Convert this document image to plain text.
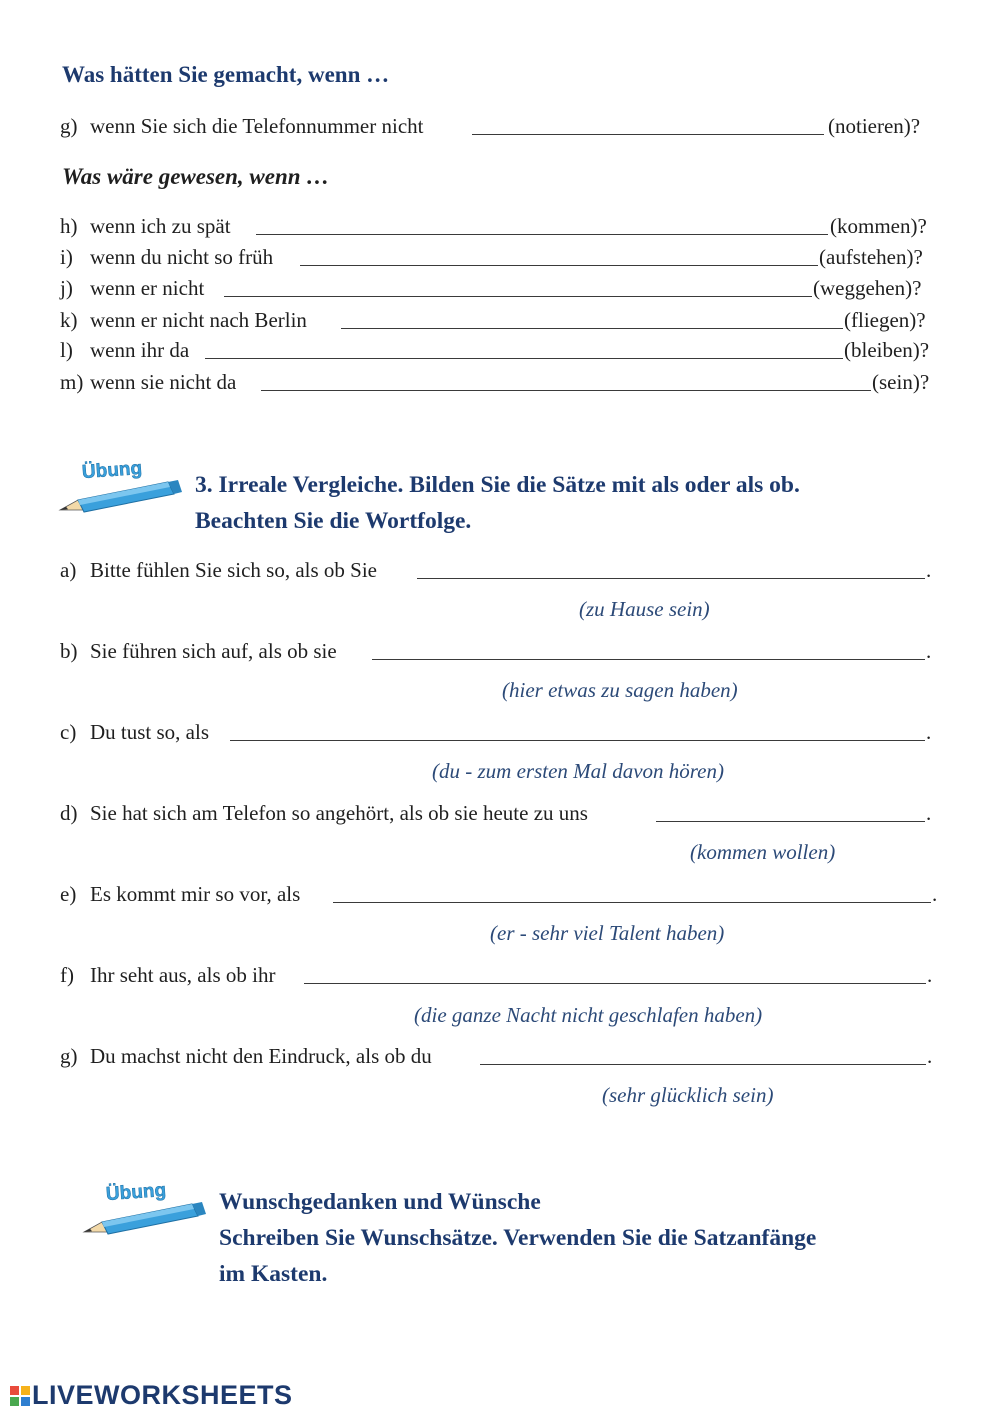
Was hätten Sie gemacht, wenn …
g) wenn Sie sich die Telefonnummer nicht	(notieren)?
Was wäre gewesen, wenn …
h) wenn ich zu spät	(kommen)?
i) wenn du nicht so früh	(aufstehen)?
j) wenn er nicht	(weggehen)?
k) wenn er nicht nach Berlin	(fliegen)?
l) wenn ihr da	(bleiben)?
m) wenn sie nicht da	(sein)?
Übung
3. Irreale Vergleiche. Bilden Sie die Sätze mit als oder als ob.
Beachten Sie die Wortfolge.
a) Bitte fühlen Sie sich so, als ob Sie	.
(zu Hause sein)
b) Sie führen sich auf, als ob sie	.
(hier etwas zu sagen haben)
c) Du tust so, als	.
(du - zum ersten Mal davon hören)
d) Sie hat sich am Telefon so angehört, als ob sie heute zu uns	.
(kommen wollen)
e) Es kommt mir so vor, als	.
(er - sehr viel Talent haben)
f) Ihr seht aus, als ob ihr	.
(die ganze Nacht nicht geschlafen haben)
g) Du machst nicht den Eindruck, als ob du	.
(sehr glücklich sein)
Übung Wunschgedanken und Wünsche
Schreiben Sie Wunschsätze. Verwenden Sie die Satzanfänge
im Kasten.
LIVEWORKSHEETS
